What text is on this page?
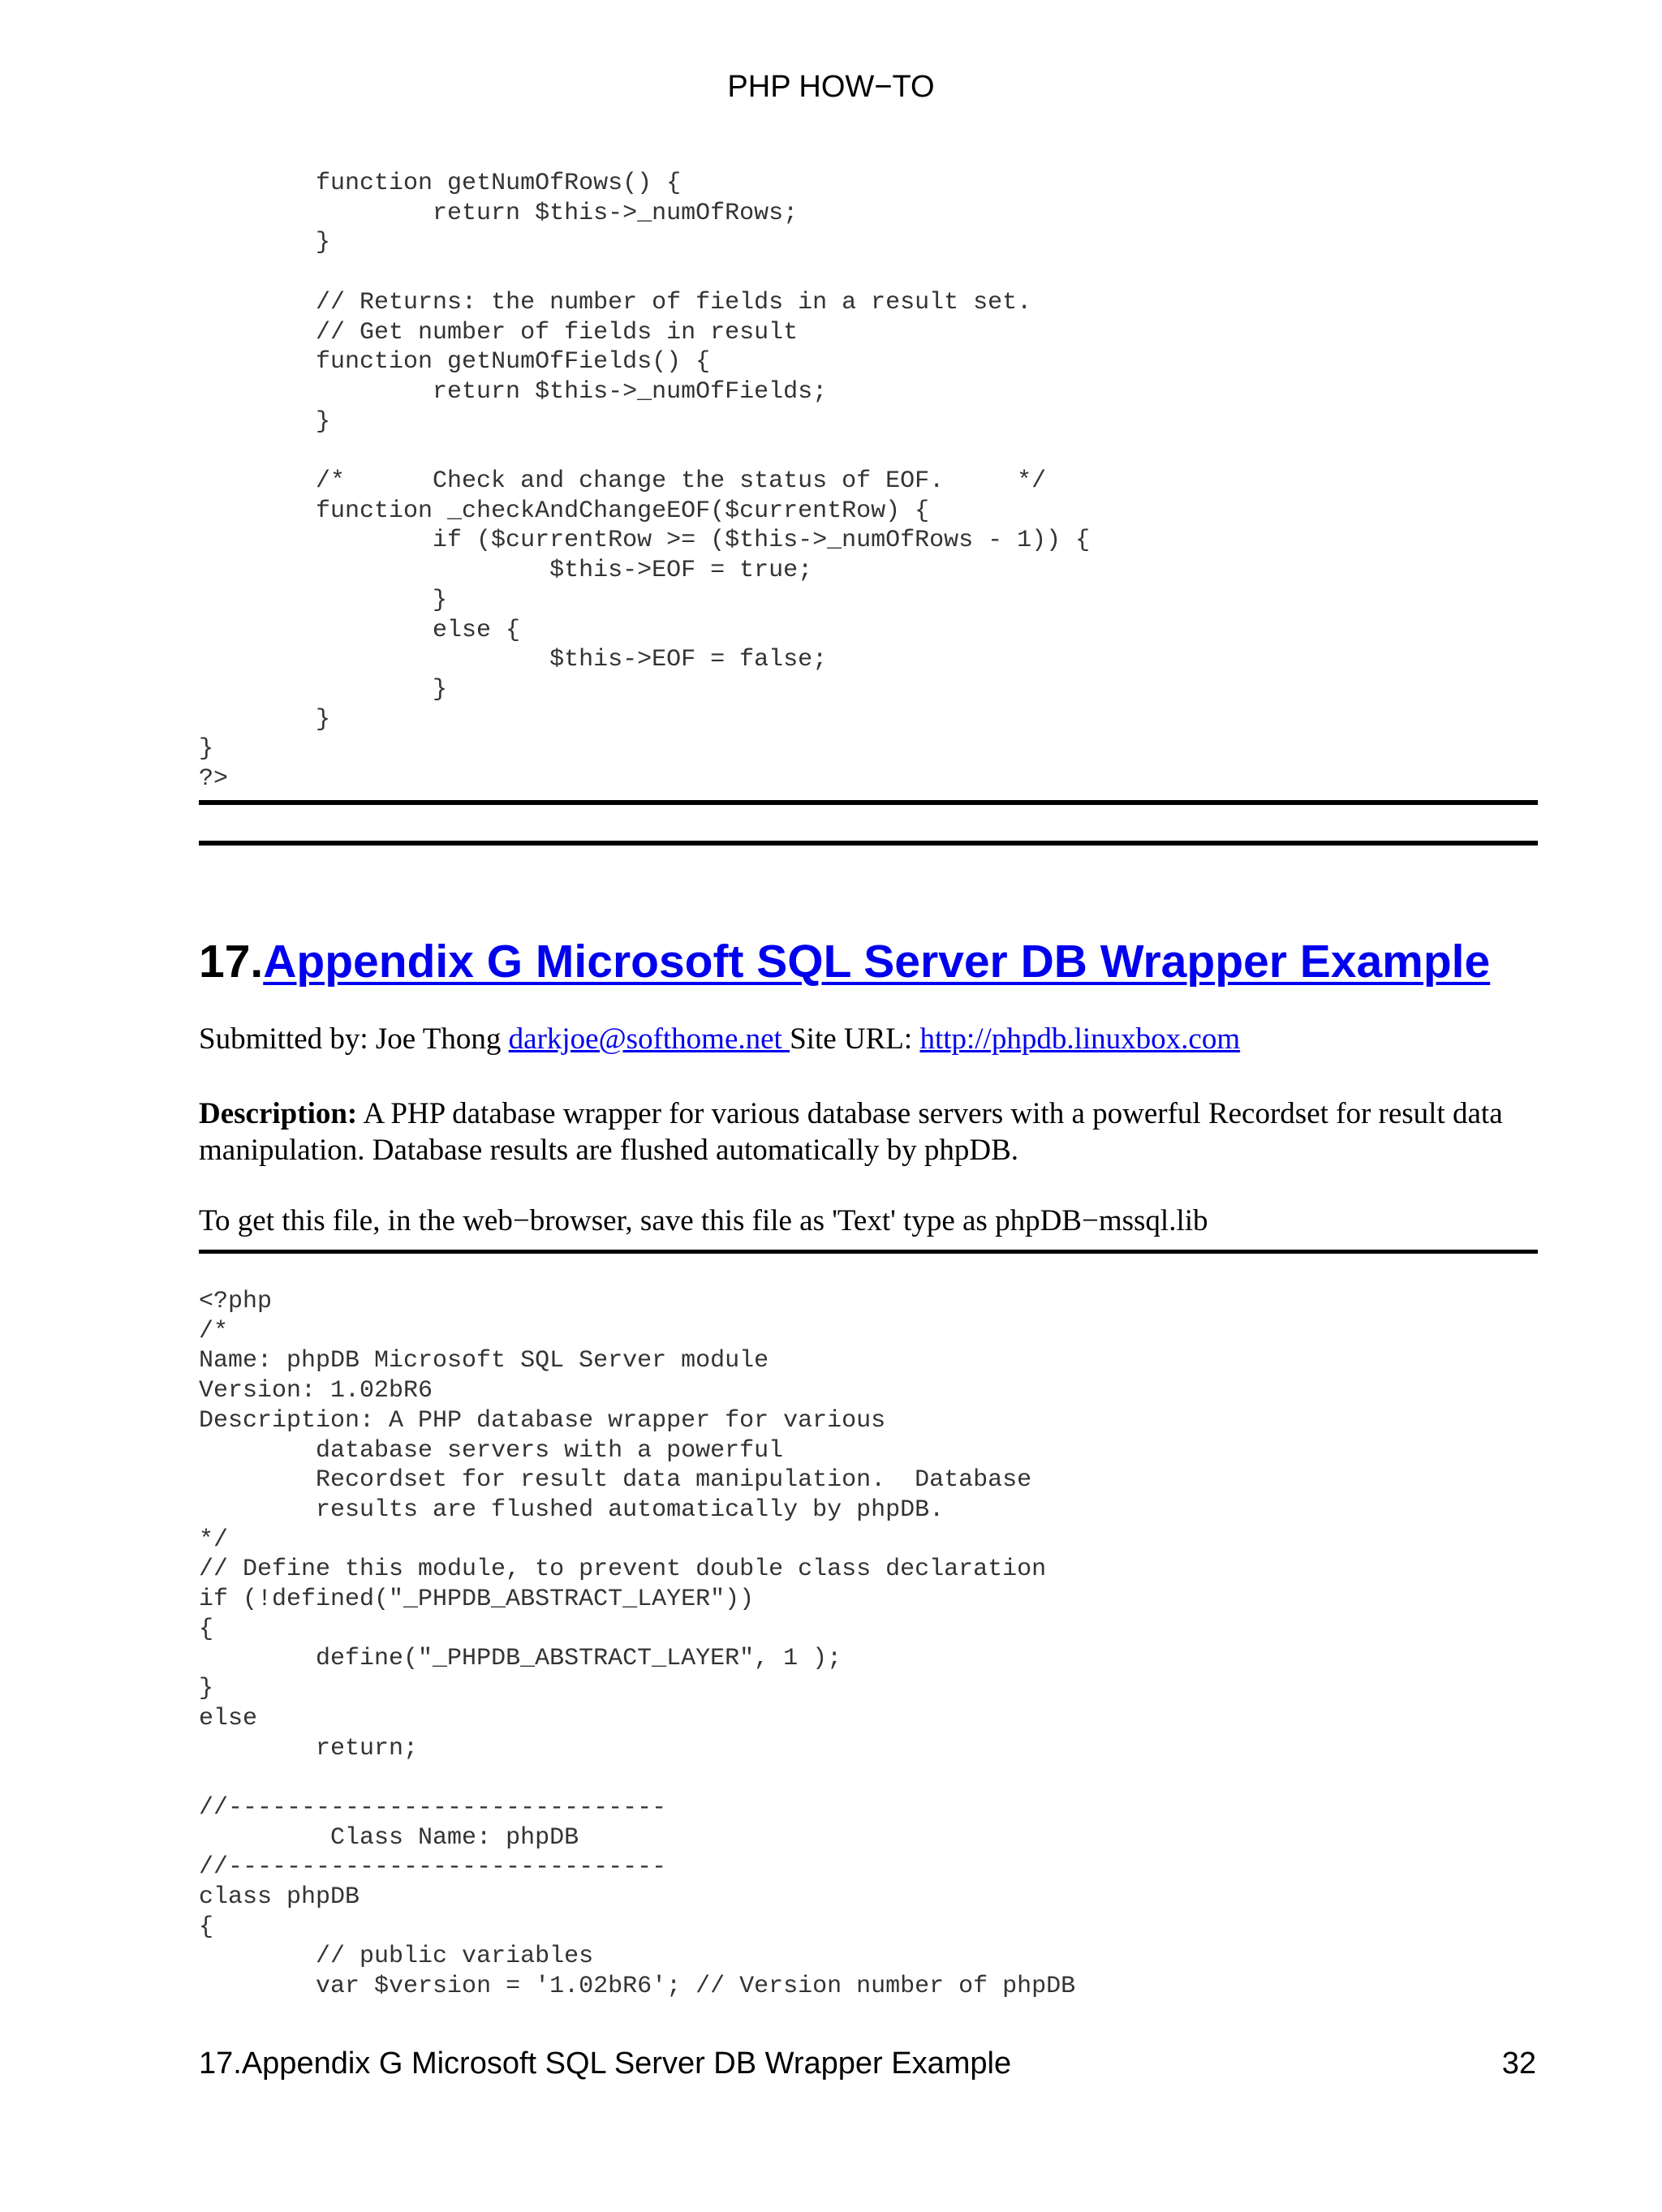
PHP HOW−TO
	function getNumOfRows() {
		return $this->_numOfRows;
	}

	// Returns: the number of fields in a result set.
	// Get number of fields in result
	function getNumOfFields() {
		return $this->_numOfFields;
	}

	/*	Check and change the status of EOF.	*/
	function _checkAndChangeEOF($currentRow) {
		if ($currentRow >= ($this->_numOfRows - 1)) {
			$this->EOF = true;
		}
		else {
			$this->EOF = false;
		}
	}
}
?>
17.Appendix G Microsoft SQL Server DB Wrapper Example

Submitted by: Joe Thong darkjoe@softhome.net Site URL: http://phpdb.linuxbox.com

Description: A PHP database wrapper for various database servers with a powerful Recordset for result data manipulation. Database results are flushed automatically by phpDB.

To get this file, in the web−browser, save this file as 'Text' type as phpDB−mssql.lib

<?php
/*
Name: phpDB Microsoft SQL Server module
Version: 1.02bR6
Description: A PHP database wrapper for various
	database servers with a powerful
	Recordset for result data manipulation.  Database
	results are flushed automatically by phpDB.
*/
// Define this module, to prevent double class declaration
if (!defined("_PHPDB_ABSTRACT_LAYER"))
{
	define("_PHPDB_ABSTRACT_LAYER", 1 );
}
else
	return;

//------------------------------
	Class Name: phpDB
//------------------------------
class phpDB
{
	// public variables
	var $version = '1.02bR6'; // Version number of phpDB
17.Appendix G Microsoft SQL Server DB Wrapper Example	32
